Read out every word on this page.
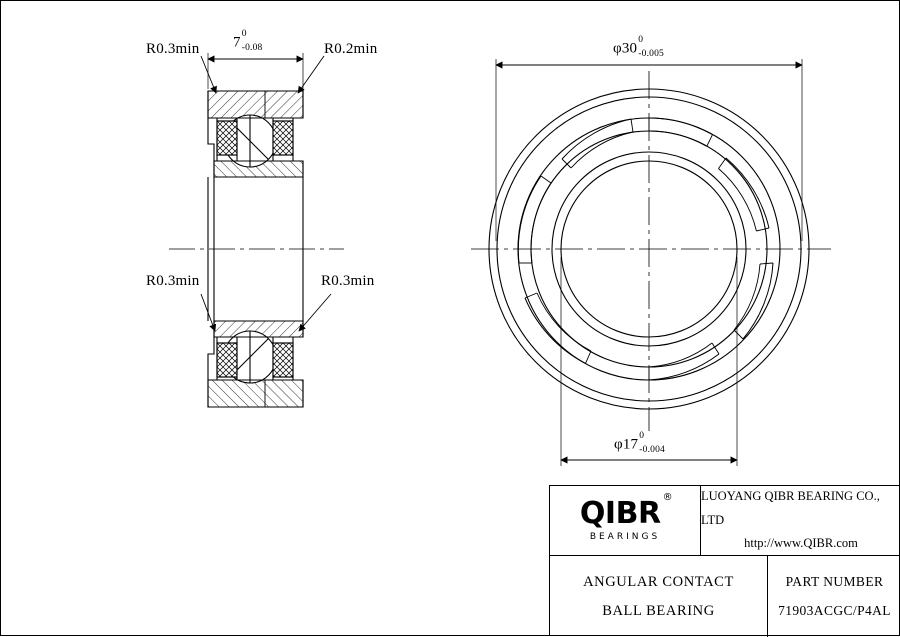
R0.3min	R0.2min
R0.3min	R0.3min
7
0
-0.08	φ30
0
-0.005
φ17
0
-0.004
QIBR ®
BEARINGS
LUOYANG QIBR BEARING CO., LTD
http://www.QIBR.com
ANGULAR CONTACT
BALL BEARING
PART NUMBER
71903ACGC/P4AL
